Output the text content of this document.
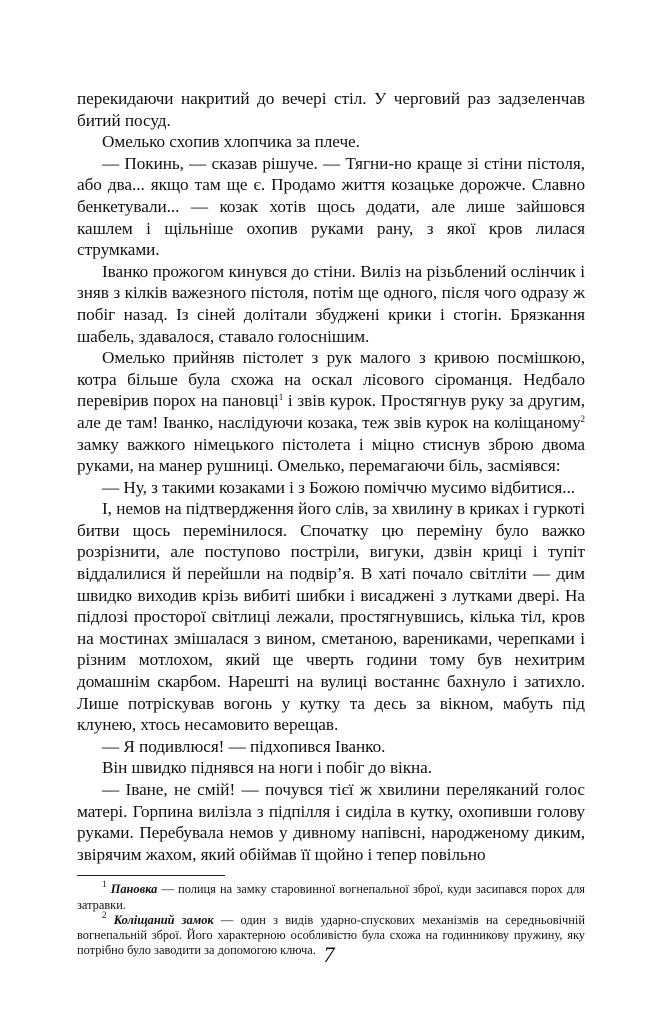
перекидаючи накритий до вечері стіл. У черговий раз задзеленчав битий посуд.

Омелько схопив хлопчика за плече.

— Покинь, — сказав рішуче. — Тягни-но краще зі стіни пістоля, або два... якщо там ще є. Продамо життя козацьке дорожче. Славно бенкетували... — козак хотів щось додати, але лише зайшовся кашлем і щільніше охопив руками рану, з якої кров лилася струмками.

Іванко прожогом кинувся до стіни. Виліз на різьблений ослінчик і зняв з кілків важезного пістоля, потім ще одного, після чого одразу ж побіг назад. Із сіней долітали збуджені крики і стогін. Брязкання шабель, здавалося, ставало голоснішим.

Омелько прийняв пістолет з рук малого з кривою посмішкою, котра більше була схожа на оскал лісового сіроманця. Недбало перевірив порох на пановці$^1$ і звів курок. Простягнув руку за другим, але де там! Іванко, наслідуючи козака, теж звів курок на коліщаному$^2$ замку важкого німецького пістолета і міцно стиснув зброю двома руками, на манер рушниці. Омелько, перемагаючи біль, засміявся:

— Ну, з такими козаками і з Божою поміччю мусимо відбитися...

І, немов на підтвердження його слів, за хвилину в криках і гуркоті битви щось перемінилося. Спочатку цю переміну було важко розрізнити, але поступово постріли, вигуки, дзвін криці і тупіт віддалилися й перейшли на подвір’я. В хаті почало світліти — дим швидко виходив крізь вибиті шибки і висаджені з лутками двері. На підлозі просторої світлиці лежали, простягнувшись, кілька тіл, кров на мостинах змішалася з вином, сметаною, варениками, черепками і різним мотлохом, який ще чверть години тому був нехитрим домашнім скарбом. Нарешті на вулиці востаннє бахнуло і затихло. Лише потріскував вогонь у кутку та десь за вікном, мабуть під клунею, хтось несамовито верещав.

— Я подивлюся! — підхопився Іванко.

Він швидко піднявся на ноги і побіг до вікна.

— Іване, не смій! — почувся тієї ж хвилини переляканий голос матері. Горпина вилізла з підпілля і сиділа в кутку, охопивши голову руками. Перебувала немов у дивному напівсні, народженому диким, звірячим жахом, який обіймав її щойно і тепер повільно

$^1$ Пановка — полиця на замку старовинної вогнепальної зброї, куди засипався порох для затравки.

$^2$ Коліщаний замок — один з видів ударно-спускових механізмів на середньовічній вогнепальній зброї. Його характерною особливістю була схожа на годинникову пружину, яку потрібно було заводити за допомогою ключа. 7
